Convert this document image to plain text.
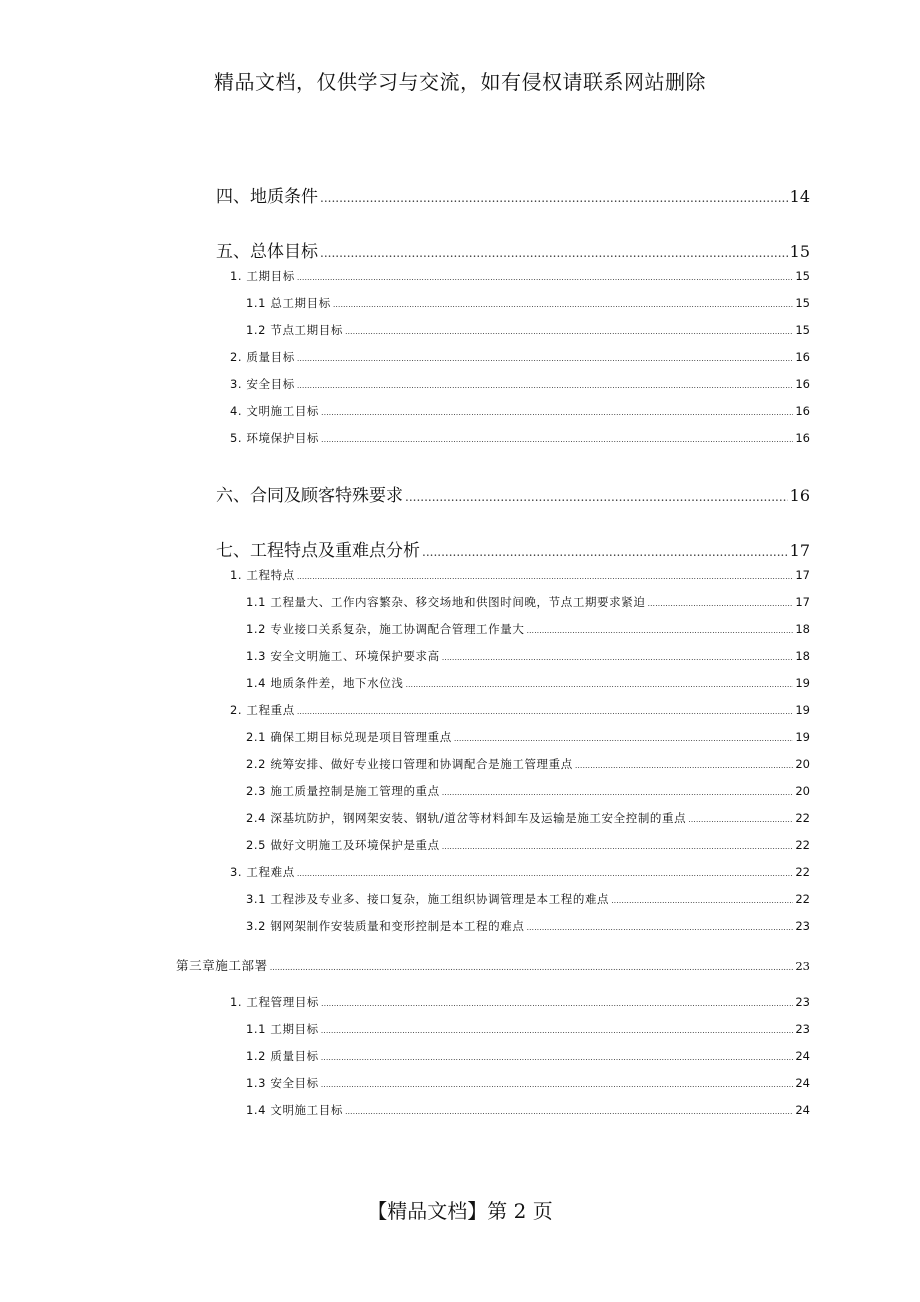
精品文档，仅供学习与交流，如有侵权请联系网站删除
四、地质条件 .....	14
五、总体目标 .....	15
1. 工期目标 .....	15
1.1 总工期目标 .....	15
1.2 节点工期目标 .....	15
2. 质量目标 .....	16
3. 安全目标 .....	16
4. 文明施工目标 .....	16
5. 环境保护目标 .....	16
六、合同及顾客特殊要求 .....	16
七、工程特点及重难点分析 .....	17
1. 工程特点 .....	17
1.1 工程量大、工作内容繁杂、移交场地和供图时间晚，节点工期要求紧迫 .....	17
1.2 专业接口关系复杂，施工协调配合管理工作量大 .....	18
1.3 安全文明施工、环境保护要求高 .....	18
1.4 地质条件差，地下水位浅 .....	19
2. 工程重点 .....	19
2.1 确保工期目标兑现是项目管理重点 .....	19
2.2 统筹安排、做好专业接口管理和协调配合是施工管理重点 .....	20
2.3 施工质量控制是施工管理的重点 .....	20
2.4 深基坑防护，钢网架安装、钢轨/道岔等材料卸车及运输是施工安全控制的重点 .....	22
2.5 做好文明施工及环境保护是重点 .....	22
3. 工程难点 .....	22
3.1 工程涉及专业多、接口复杂，施工组织协调管理是本工程的难点 .....	22
3.2 钢网架制作安装质量和变形控制是本工程的难点 .....	23
第三章施工部署 .....	23
1. 工程管理目标 .....	23
1.1 工期目标 .....	23
1.2 质量目标 .....	24
1.3 安全目标 .....	24
1.4 文明施工目标 .....	24
【精品文档】第 2 页
